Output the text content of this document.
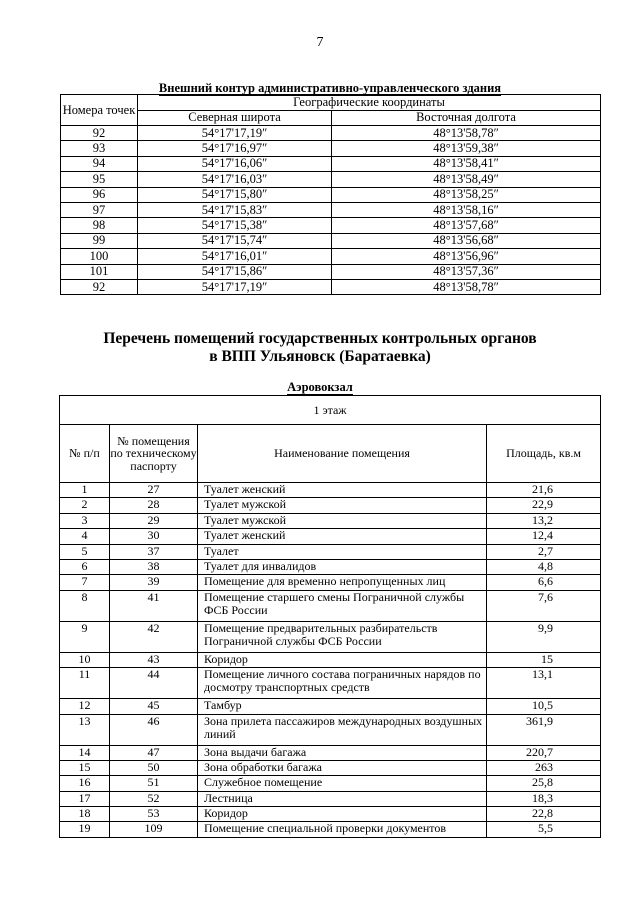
7
Внешний контур административно-управленческого здания
Номера точек	Географические координаты	
	Северная широта	Восточная долгота
92	54°17'17,19″	48°13'58,78″
93	54°17'16,97″	48°13'59,38″
94	54°17'16,06″	48°13'58,41″
95	54°17'16,03″	48°13'58,49″
96	54°17'15,80″	48°13'58,25″
97	54°17'15,83″	48°13'58,16″
98	54°17'15,38″	48°13'57,68″
99	54°17'15,74″	48°13'56,68″
100	54°17'16,01″	48°13'56,96″
101	54°17'15,86″	48°13'57,36″
92	54°17'17,19″	48°13'58,78″
Перечень помещений государственных контрольных органов
в ВПП Ульяновск (Баратаевка)
Аэровокзал
1 этаж			
№ п/п	№ помещения по техническому паспорту	Наименование помещения	Площадь, кв.м
1	27	Туалет женский	21,6
2	28	Туалет мужской	22,9
3	29	Туалет мужской	13,2
4	30	Туалет женский	12,4
5	37	Туалет	2,7
6	38	Туалет для инвалидов	4,8
7	39	Помещение для временно непропущенных лиц	6,6
8	41	Помещение старшего смены Пограничной службы ФСБ России	7,6
9	42	Помещение предварительных разбирательств Пограничной службы ФСБ России	9,9
10	43	Коридор	15
11	44	Помещение личного состава пограничных нарядов по досмотру транспортных средств	13,1
12	45	Тамбур	10,5
13	46	Зона прилета пассажиров международных воздушных линий	361,9
14	47	Зона выдачи багажа	220,7
15	50	Зона обработки багажа	263
16	51	Служебное помещение	25,8
17	52	Лестница	18,3
18	53	Коридор	22,8
19	109	Помещение специальной проверки документов	5,5
